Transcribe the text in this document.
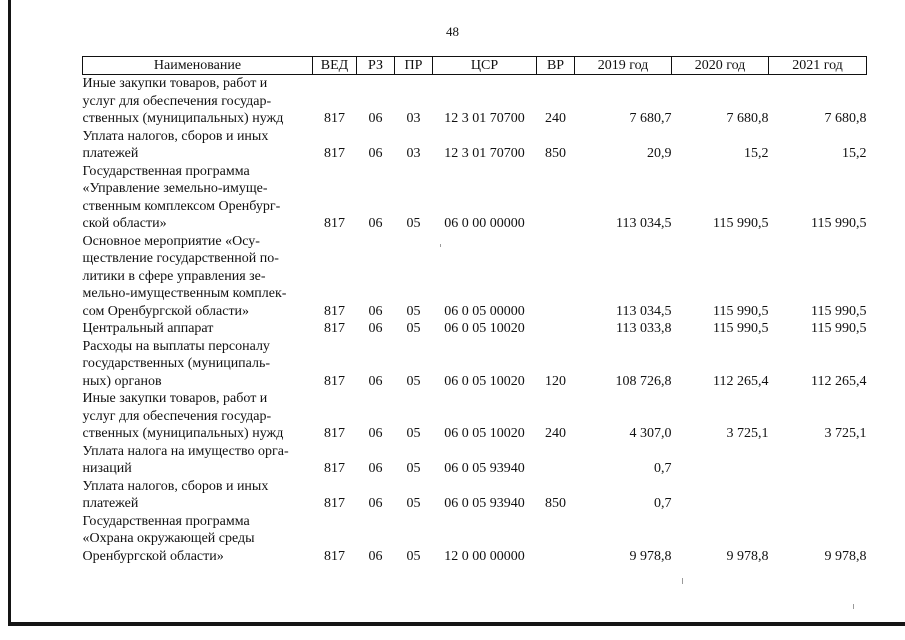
48
Наименование	ВЕД	РЗ	ПР	ЦСР	ВР	2019 год	2020 год	2021 год

Иные закупки товаров, работ и
услуг для обеспечения государ-
ственных (муниципальных) нужд	817	06	03	12 3 01 70700	240	7 680,7	7 680,8	7 680,8

Уплата налогов, сборов и иных
платежей	817	06	03	12 3 01 70700	850	20,9	15,2	15,2

Государственная программа
«Управление земельно-имуще-
ственным комплексом Оренбург-
ской области»	817	06	05	06 0 00 00000		113 034,5	115 990,5	115 990,5

Основное мероприятие «Осу-
ществление государственной по-
литики в сфере управления зе-
мельно-имущественным комплек-
сом Оренбургской области»	817	06	05	06 0 05 00000		113 034,5	115 990,5	115 990,5

Центральный аппарат	817	06	05	06 0 05 10020		113 033,8	115 990,5	115 990,5

Расходы на выплаты персоналу
государственных (муниципаль-
ных) органов	817	06	05	06 0 05 10020	120	108 726,8	112 265,4	112 265,4

Иные закупки товаров, работ и
услуг для обеспечения государ-
ственных (муниципальных) нужд	817	06	05	06 0 05 10020	240	4 307,0	3 725,1	3 725,1

Уплата налога на имущество орга-
низаций	817	06	05	06 0 05 93940		0,7		

Уплата налогов, сборов и иных
платежей	817	06	05	06 0 05 93940	850	0,7		

Государственная программа
«Охрана окружающей среды
Оренбургской области»	817	06	05	12 0 00 00000		9 978,8	9 978,8	9 978,8
